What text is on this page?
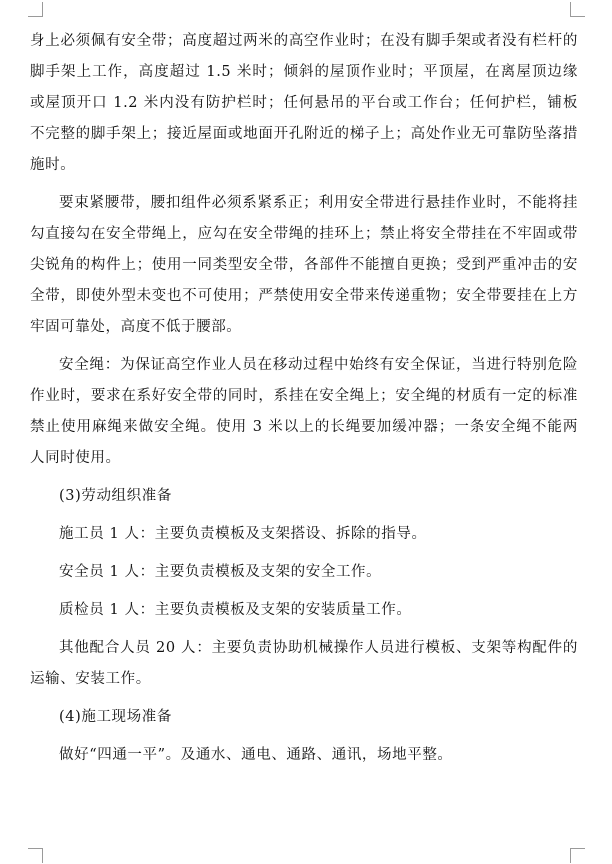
身上必须佩有安全带；高度超过两米的高空作业时；在没有脚手架或者没有栏杆的脚手架上工作，高度超过 1.5 米时；倾斜的屋顶作业时；平顶屋，在离屋顶边缘或屋顶开口 1.2 米内没有防护栏时；任何悬吊的平台或工作台；任何护栏，铺板不完整的脚手架上；接近屋面或地面开孔附近的梯子上；高处作业无可靠防坠落措施时。

要束紧腰带，腰扣组件必须系紧系正；利用安全带进行悬挂作业时，不能将挂勾直接勾在安全带绳上，应勾在安全带绳的挂环上；禁止将安全带挂在不牢固或带尖锐角的构件上；使用一同类型安全带，各部件不能擅自更换；受到严重冲击的安全带，即使外型未变也不可使用；严禁使用安全带来传递重物；安全带要挂在上方牢固可靠处，高度不低于腰部。

安全绳：为保证高空作业人员在移动过程中始终有安全保证，当进行特别危险作业时，要求在系好安全带的同时，系挂在安全绳上；安全绳的材质有一定的标准禁止使用麻绳来做安全绳。使用 3 米以上的长绳要加缓冲器；一条安全绳不能两人同时使用。

(3)劳动组织准备

施工员 1 人：主要负责模板及支架搭设、拆除的指导。

安全员 1 人：主要负责模板及支架的安全工作。

质检员 1 人：主要负责模板及支架的安装质量工作。

其他配合人员 20 人：主要负责协助机械操作人员进行模板、支架等构配件的运输、安装工作。

(4)施工现场准备

做好“四通一平”。及通水、通电、通路、通讯，场地平整。
